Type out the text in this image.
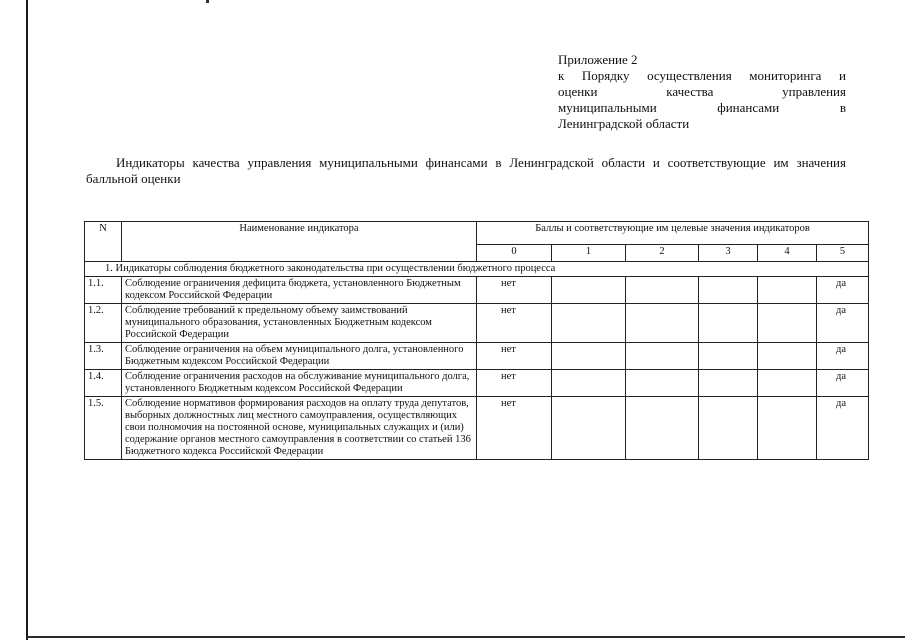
Приложение 2
к Порядку осуществления мониторинга и
оценки качества управления
муниципальными финансами в
Ленинградской области
Индикаторы качества управления муниципальными финансами в Ленинградской области и соответствующие им значения балльной оценки
N	Наименование индикатора	Баллы и соответствующие им целевые значения индикаторов					
		0	1	2	3	4	5
1. Индикаторы соблюдения бюджетного законодательства при осуществлении бюджетного процесса							
1.1.	Соблюдение ограничения дефицита бюджета, установленного Бюджетным кодексом Российской Федерации	нет					да
1.2.	Соблюдение требований к предельному объему заимствований муниципального образования, установленных Бюджетным кодексом Российской Федерации	нет					да
1.3.	Соблюдение ограничения на объем муниципального долга, установленного Бюджетным кодексом Российской Федерации	нет					да
1.4.	Соблюдение ограничения расходов на обслуживание муниципального долга, установленного Бюджетным кодексом Российской Федерации	нет					да
1.5.	Соблюдение нормативов формирования расходов на оплату труда депутатов, выборных должностных лиц местного самоуправления, осуществляющих свои полномочия на постоянной основе, муниципальных служащих и (или) содержание органов местного самоуправления в соответствии со статьей 136 Бюджетного кодекса Российской Федерации	нет					да
